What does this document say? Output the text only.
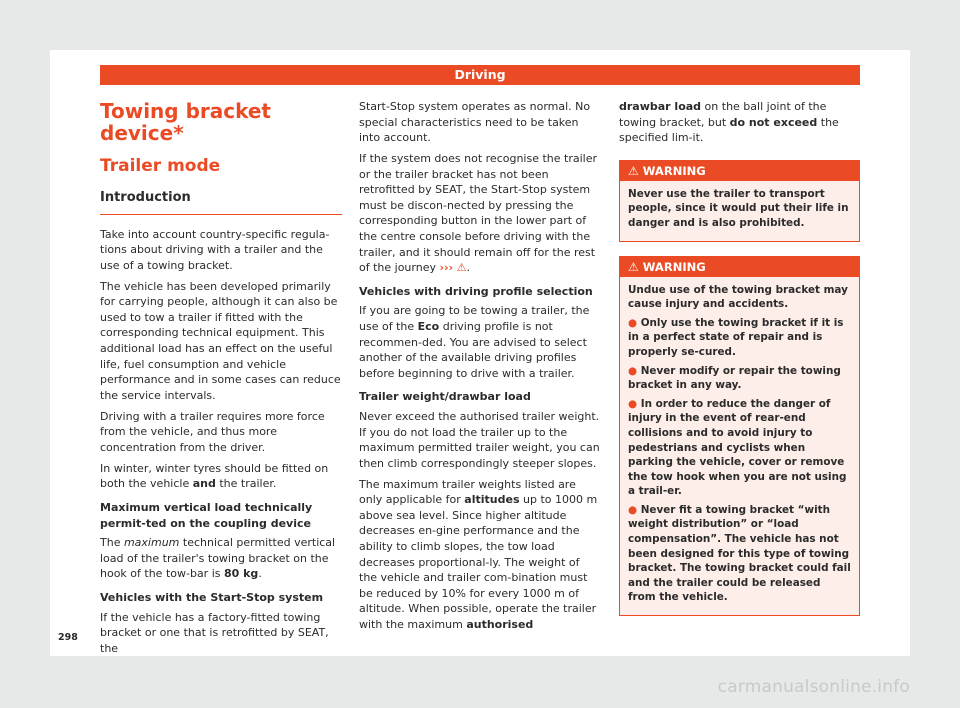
Driving
Towing bracket device*
Trailer mode
Introduction

Take into account country-specific regula-tions about driving with a trailer and the use of a towing bracket.

The vehicle has been developed primarily for carrying people, although it can also be used to tow a trailer if fitted with the corresponding technical equipment. This additional load has an effect on the useful life, fuel consumption and vehicle performance and in some cases can reduce the service intervals.

Driving with a trailer requires more force from the vehicle, and thus more concentration from the driver.

In winter, winter tyres should be fitted on both the vehicle and the trailer.

Maximum vertical load technically permit-ted on the coupling device

The maximum technical permitted vertical load of the trailer's towing bracket on the hook of the tow-bar is 80 kg.

Vehicles with the Start-Stop system

If the vehicle has a factory-fitted towing bracket or one that is retrofitted by SEAT, the

Start-Stop system operates as normal. No special characteristics need to be taken into account.

If the system does not recognise the trailer or the trailer bracket has not been retrofitted by SEAT, the Start-Stop system must be discon-nected by pressing the corresponding button in the lower part of the centre console before driving with the trailer, and it should remain off for the rest of the journey ››› ⚠.

Vehicles with driving profile selection

If you are going to be towing a trailer, the use of the Eco driving profile is not recommen-ded. You are advised to select another of the available driving profiles before beginning to drive with a trailer.

Trailer weight/drawbar load

Never exceed the authorised trailer weight. If you do not load the trailer up to the maximum permitted trailer weight, you can then climb correspondingly steeper slopes.

The maximum trailer weights listed are only applicable for altitudes up to 1000 m above sea level. Since higher altitude decreases en-gine performance and the ability to climb slopes, the tow load decreases proportional-ly. The weight of the vehicle and trailer com-bination must be reduced by 10% for every 1000 m of altitude. When possible, operate the trailer with the maximum authorised

drawbar load on the ball joint of the towing bracket, but do not exceed the specified lim-it.

⚠ WARNING

Never use the trailer to transport people, since it would put their life in danger and is also prohibited.

⚠ WARNING

Undue use of the towing bracket may cause injury and accidents.

● Only use the towing bracket if it is in a perfect state of repair and is properly se-cured.

● Never modify or repair the towing bracket in any way.

● In order to reduce the danger of injury in the event of rear-end collisions and to avoid injury to pedestrians and cyclists when parking the vehicle, cover or remove the tow hook when you are not using a trail-er.

● Never fit a towing bracket “with weight distribution” or “load compensation”. The vehicle has not been designed for this type of towing bracket. The towing bracket could fail and the trailer could be released from the vehicle.

298
carmanualsonline.info
